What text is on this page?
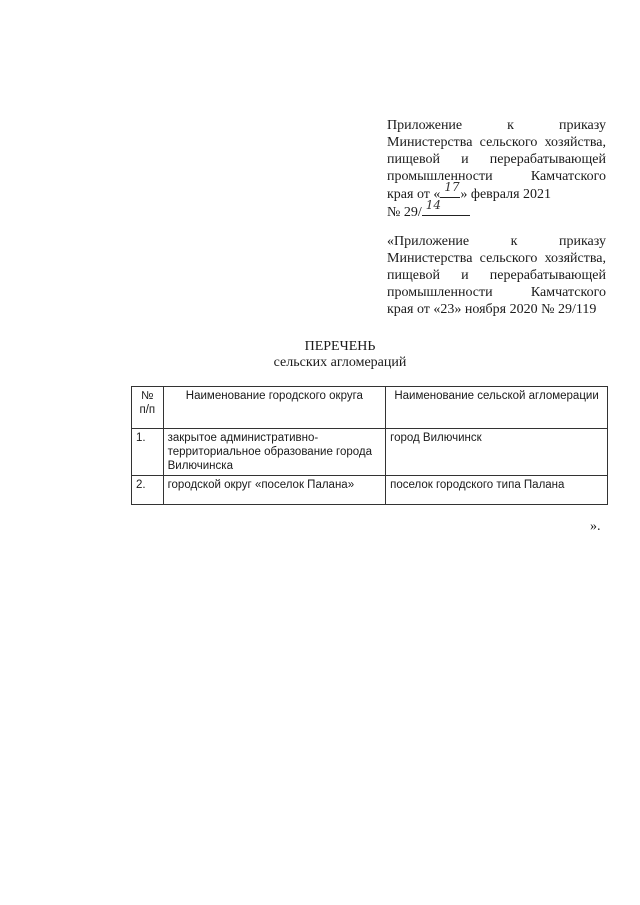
Приложение к приказу
Министерства сельского хозяйства,
пищевой и перерабатывающей
промышленности Камчатского
края от « 17 » февраля 2021
№ 29/ 14
«Приложение к приказу
Министерства сельского хозяйства,
пищевой и перерабатывающей
промышленности Камчатского
края от «23» ноября 2020 № 29/119
ПЕРЕЧЕНЬ
сельских агломераций
№ п/п	Наименование городского округа	Наименование сельской агломерации
1.	закрытое административно-территориальное образование города Вилючинска	город Вилючинск
2.	городской округ «поселок Палана»	поселок городского типа Палана
».
